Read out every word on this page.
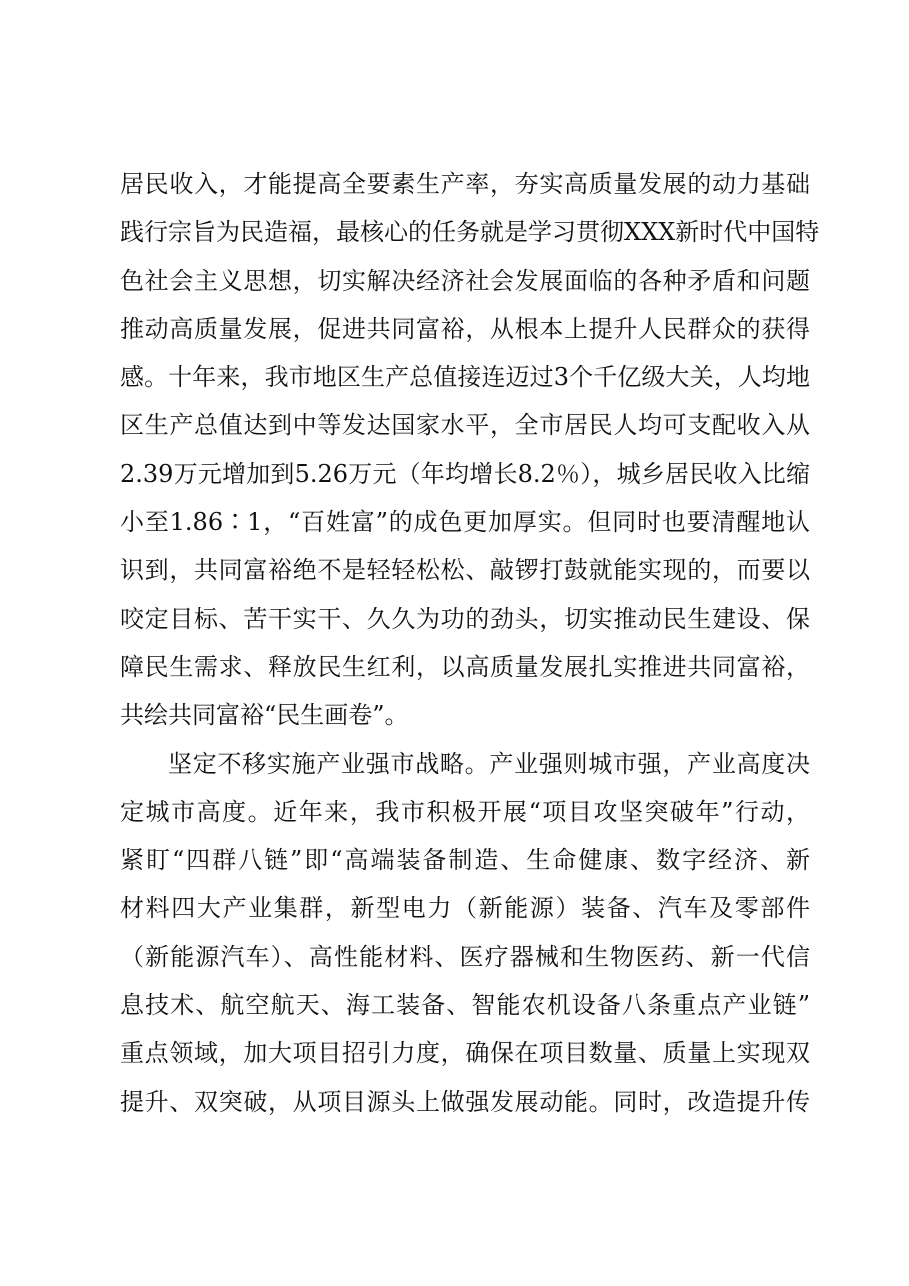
居民收入，才能提高全要素生产率，夯实高质量发展的动力基础
践行宗旨为民造福，最核心的任务就是学习贯彻XXX新时代中国特
色社会主义思想，切实解决经济社会发展面临的各种矛盾和问题
推动高质量发展，促进共同富裕，从根本上提升人民群众的获得
感。十年来，我市地区生产总值接连迈过3个千亿级大关，人均地
区生产总值达到中等发达国家水平，全市居民人均可支配收入从
2.39万元增加到5.26万元（年均增长8.2％），城乡居民收入比缩
小至1.86∶1，“百姓富”的成色更加厚实。但同时也要清醒地认
识到，共同富裕绝不是轻轻松松、敲锣打鼓就能实现的，而要以
咬定目标、苦干实干、久久为功的劲头，切实推动民生建设、保
障民生需求、释放民生红利，以高质量发展扎实推进共同富裕，
共绘共同富裕“民生画卷”。
坚定不移实施产业强市战略。产业强则城市强，产业高度决
定城市高度。近年来，我市积极开展“项目攻坚突破年”行动，
紧盯“四群八链”即“高端装备制造、生命健康、数字经济、新
材料四大产业集群，新型电力（新能源）装备、汽车及零部件
（新能源汽车）、高性能材料、医疗器械和生物医药、新一代信
息技术、航空航天、海工装备、智能农机设备八条重点产业链”
重点领域，加大项目招引力度，确保在项目数量、质量上实现双
提升、双突破，从项目源头上做强发展动能。同时，改造提升传
